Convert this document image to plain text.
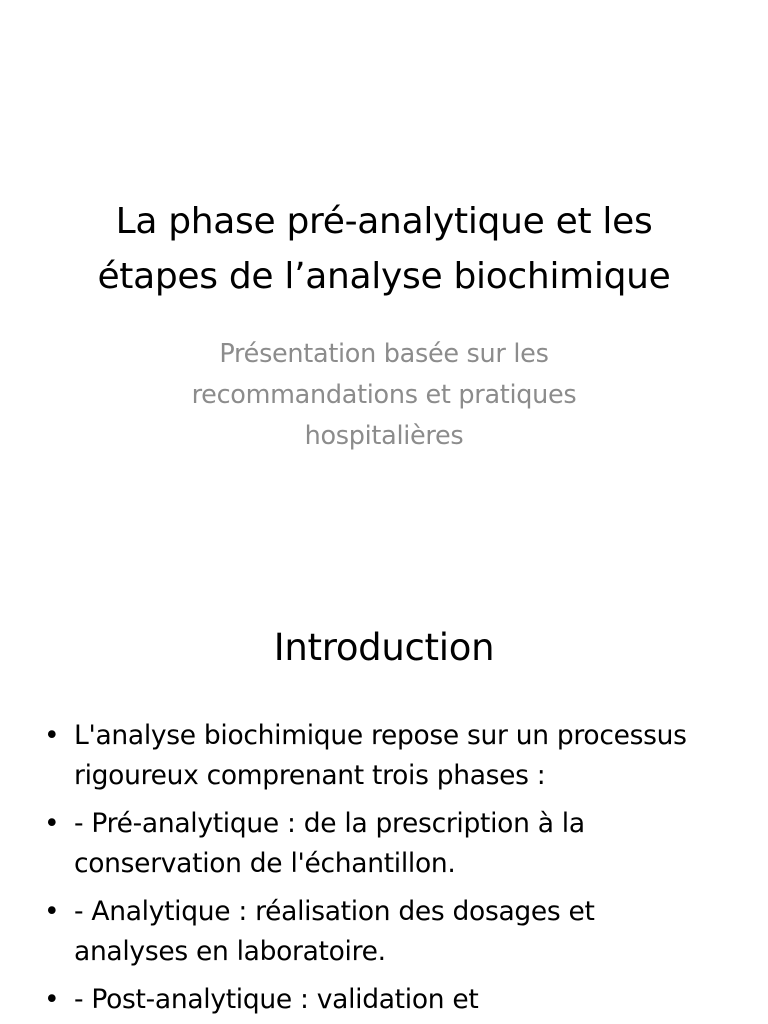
La phase pré-analytique et les
étapes de l’analyse biochimique
Présentation basée sur les
recommandations et pratiques
hospitalières
Introduction
• L'analyse biochimique repose sur un processus
rigoureux comprenant trois phases :
• - Pré-analytique : de la prescription à la
conservation de l'échantillon.
• - Analytique : réalisation des dosages et
analyses en laboratoire.
• - Post-analytique : validation et
